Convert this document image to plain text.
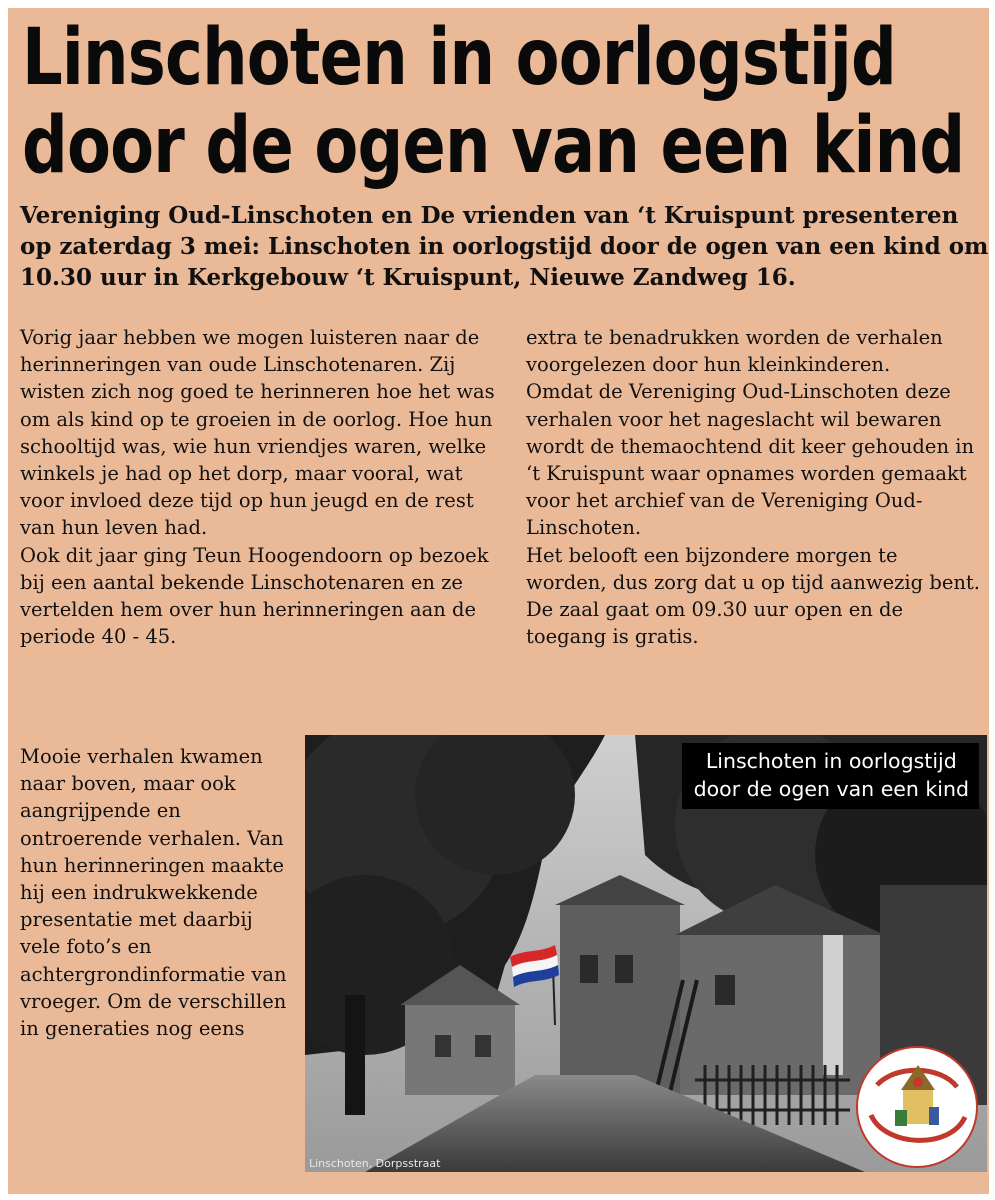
Linschoten in oorlogstijd
door de ogen van een kind
Vereniging Oud-Linschoten en De vrienden van ‘t Kruispunt presenteren op zaterdag 3 mei: Linschoten in oorlogstijd door de ogen van een kind om 10.30 uur in Kerkgebouw ‘t Kruispunt, Nieuwe Zandweg 16.

Vorig jaar hebben we mogen luisteren naar de herinneringen van oude Linschotenaren. Zij wisten zich nog goed te herinneren hoe het was om als kind op te groeien in de oorlog. Hoe hun schooltijd was, wie hun vriendjes waren, welke winkels je had op het dorp, maar vooral, wat voor invloed deze tijd op hun jeugd en de rest van hun leven had.

Ook dit jaar ging Teun Hoogendoorn op bezoek bij een aantal bekende Linschotenaren en ze vertelden hem over hun herinneringen aan de periode 40 - 45.

Mooie verhalen kwamen naar boven, maar ook aangrijpende en ontroerende verhalen. Van hun herinneringen maakte hij een indrukwekkende presentatie met daarbij vele foto’s en achtergrondinformatie van vroeger. Om de verschillen in generaties nog eens

extra te benadrukken worden de verhalen voorgelezen door hun kleinkinderen.

Omdat de Vereniging Oud-Linschoten deze verhalen voor het nageslacht wil bewaren wordt de themaochtend dit keer gehouden in ‘t Kruispunt waar opnames worden gemaakt voor het archief van de Vereniging Oud-Linschoten.

Het belooft een bijzondere morgen te worden, dus zorg dat u op tijd aanwezig bent. De zaal gaat om 09.30 uur open en de toegang is gratis.

Linschoten in oorlogstijd
door de ogen van een kind
Linschoten, Dorpsstraat
